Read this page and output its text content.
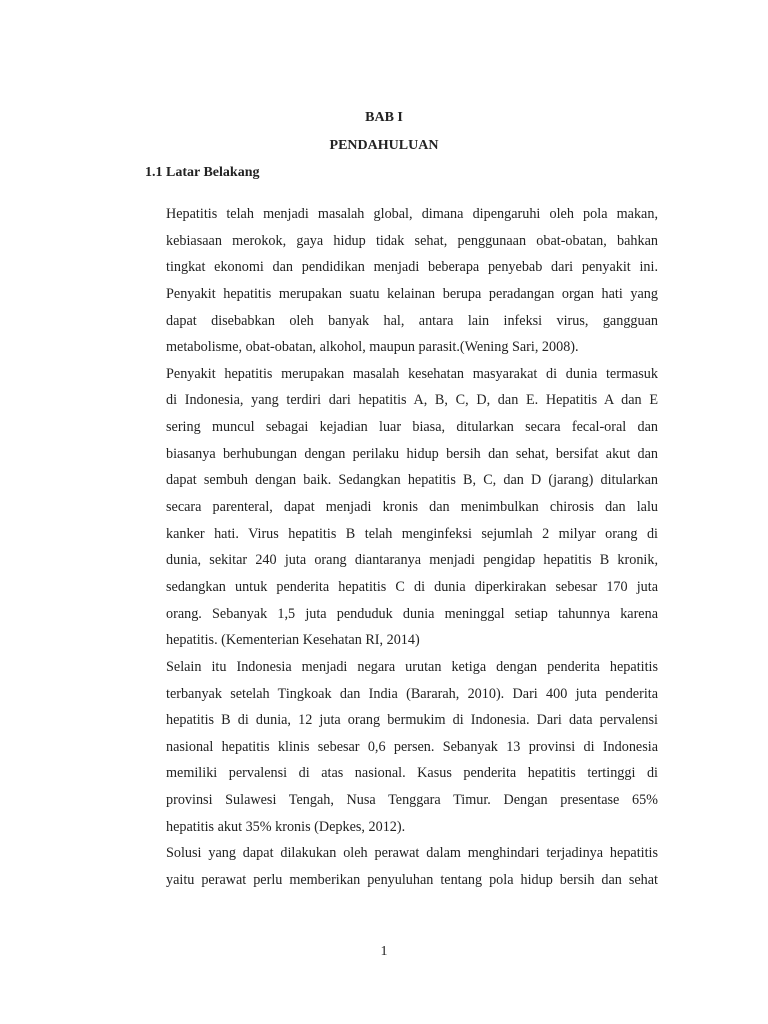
BAB I
PENDAHULUAN
1.1 Latar Belakang
Hepatitis telah menjadi masalah global, dimana dipengaruhi oleh pola makan,
kebiasaan merokok, gaya hidup tidak sehat, penggunaan obat-obatan, bahkan
tingkat ekonomi dan pendidikan menjadi beberapa penyebab dari penyakit ini.
Penyakit hepatitis merupakan suatu kelainan berupa peradangan organ hati yang
dapat disebabkan oleh banyak hal, antara lain infeksi virus, gangguan
metabolisme, obat-obatan, alkohol, maupun parasit.(Wening Sari, 2008).
Penyakit hepatitis merupakan masalah kesehatan masyarakat di dunia termasuk
di Indonesia, yang terdiri dari hepatitis A, B, C, D, dan E. Hepatitis A dan E
sering muncul sebagai kejadian luar biasa, ditularkan secara fecal-oral dan
biasanya berhubungan dengan perilaku hidup bersih dan sehat, bersifat akut dan
dapat sembuh dengan baik. Sedangkan hepatitis B, C, dan D (jarang) ditularkan
secara parenteral, dapat menjadi kronis dan menimbulkan chirosis dan lalu
kanker hati. Virus hepatitis B telah menginfeksi sejumlah 2 milyar orang di
dunia, sekitar 240 juta orang diantaranya menjadi pengidap hepatitis B kronik,
sedangkan untuk penderita hepatitis C di dunia diperkirakan sebesar 170 juta
orang. Sebanyak 1,5 juta penduduk dunia meninggal setiap tahunnya karena
hepatitis. (Kementerian Kesehatan RI, 2014)
Selain itu Indonesia menjadi negara urutan ketiga dengan penderita hepatitis
terbanyak setelah Tingkoak dan India (Bararah, 2010). Dari 400 juta penderita
hepatitis B di dunia, 12 juta orang bermukim di Indonesia. Dari data pervalensi
nasional hepatitis klinis sebesar 0,6 persen. Sebanyak 13 provinsi di Indonesia
memiliki pervalensi di atas nasional. Kasus penderita hepatitis tertinggi di
provinsi Sulawesi Tengah, Nusa Tenggara Timur. Dengan presentase 65%
hepatitis akut 35% kronis (Depkes, 2012).
Solusi yang dapat dilakukan oleh perawat dalam menghindari terjadinya hepatitis
yaitu perawat perlu memberikan penyuluhan tentang pola hidup bersih dan sehat
1
